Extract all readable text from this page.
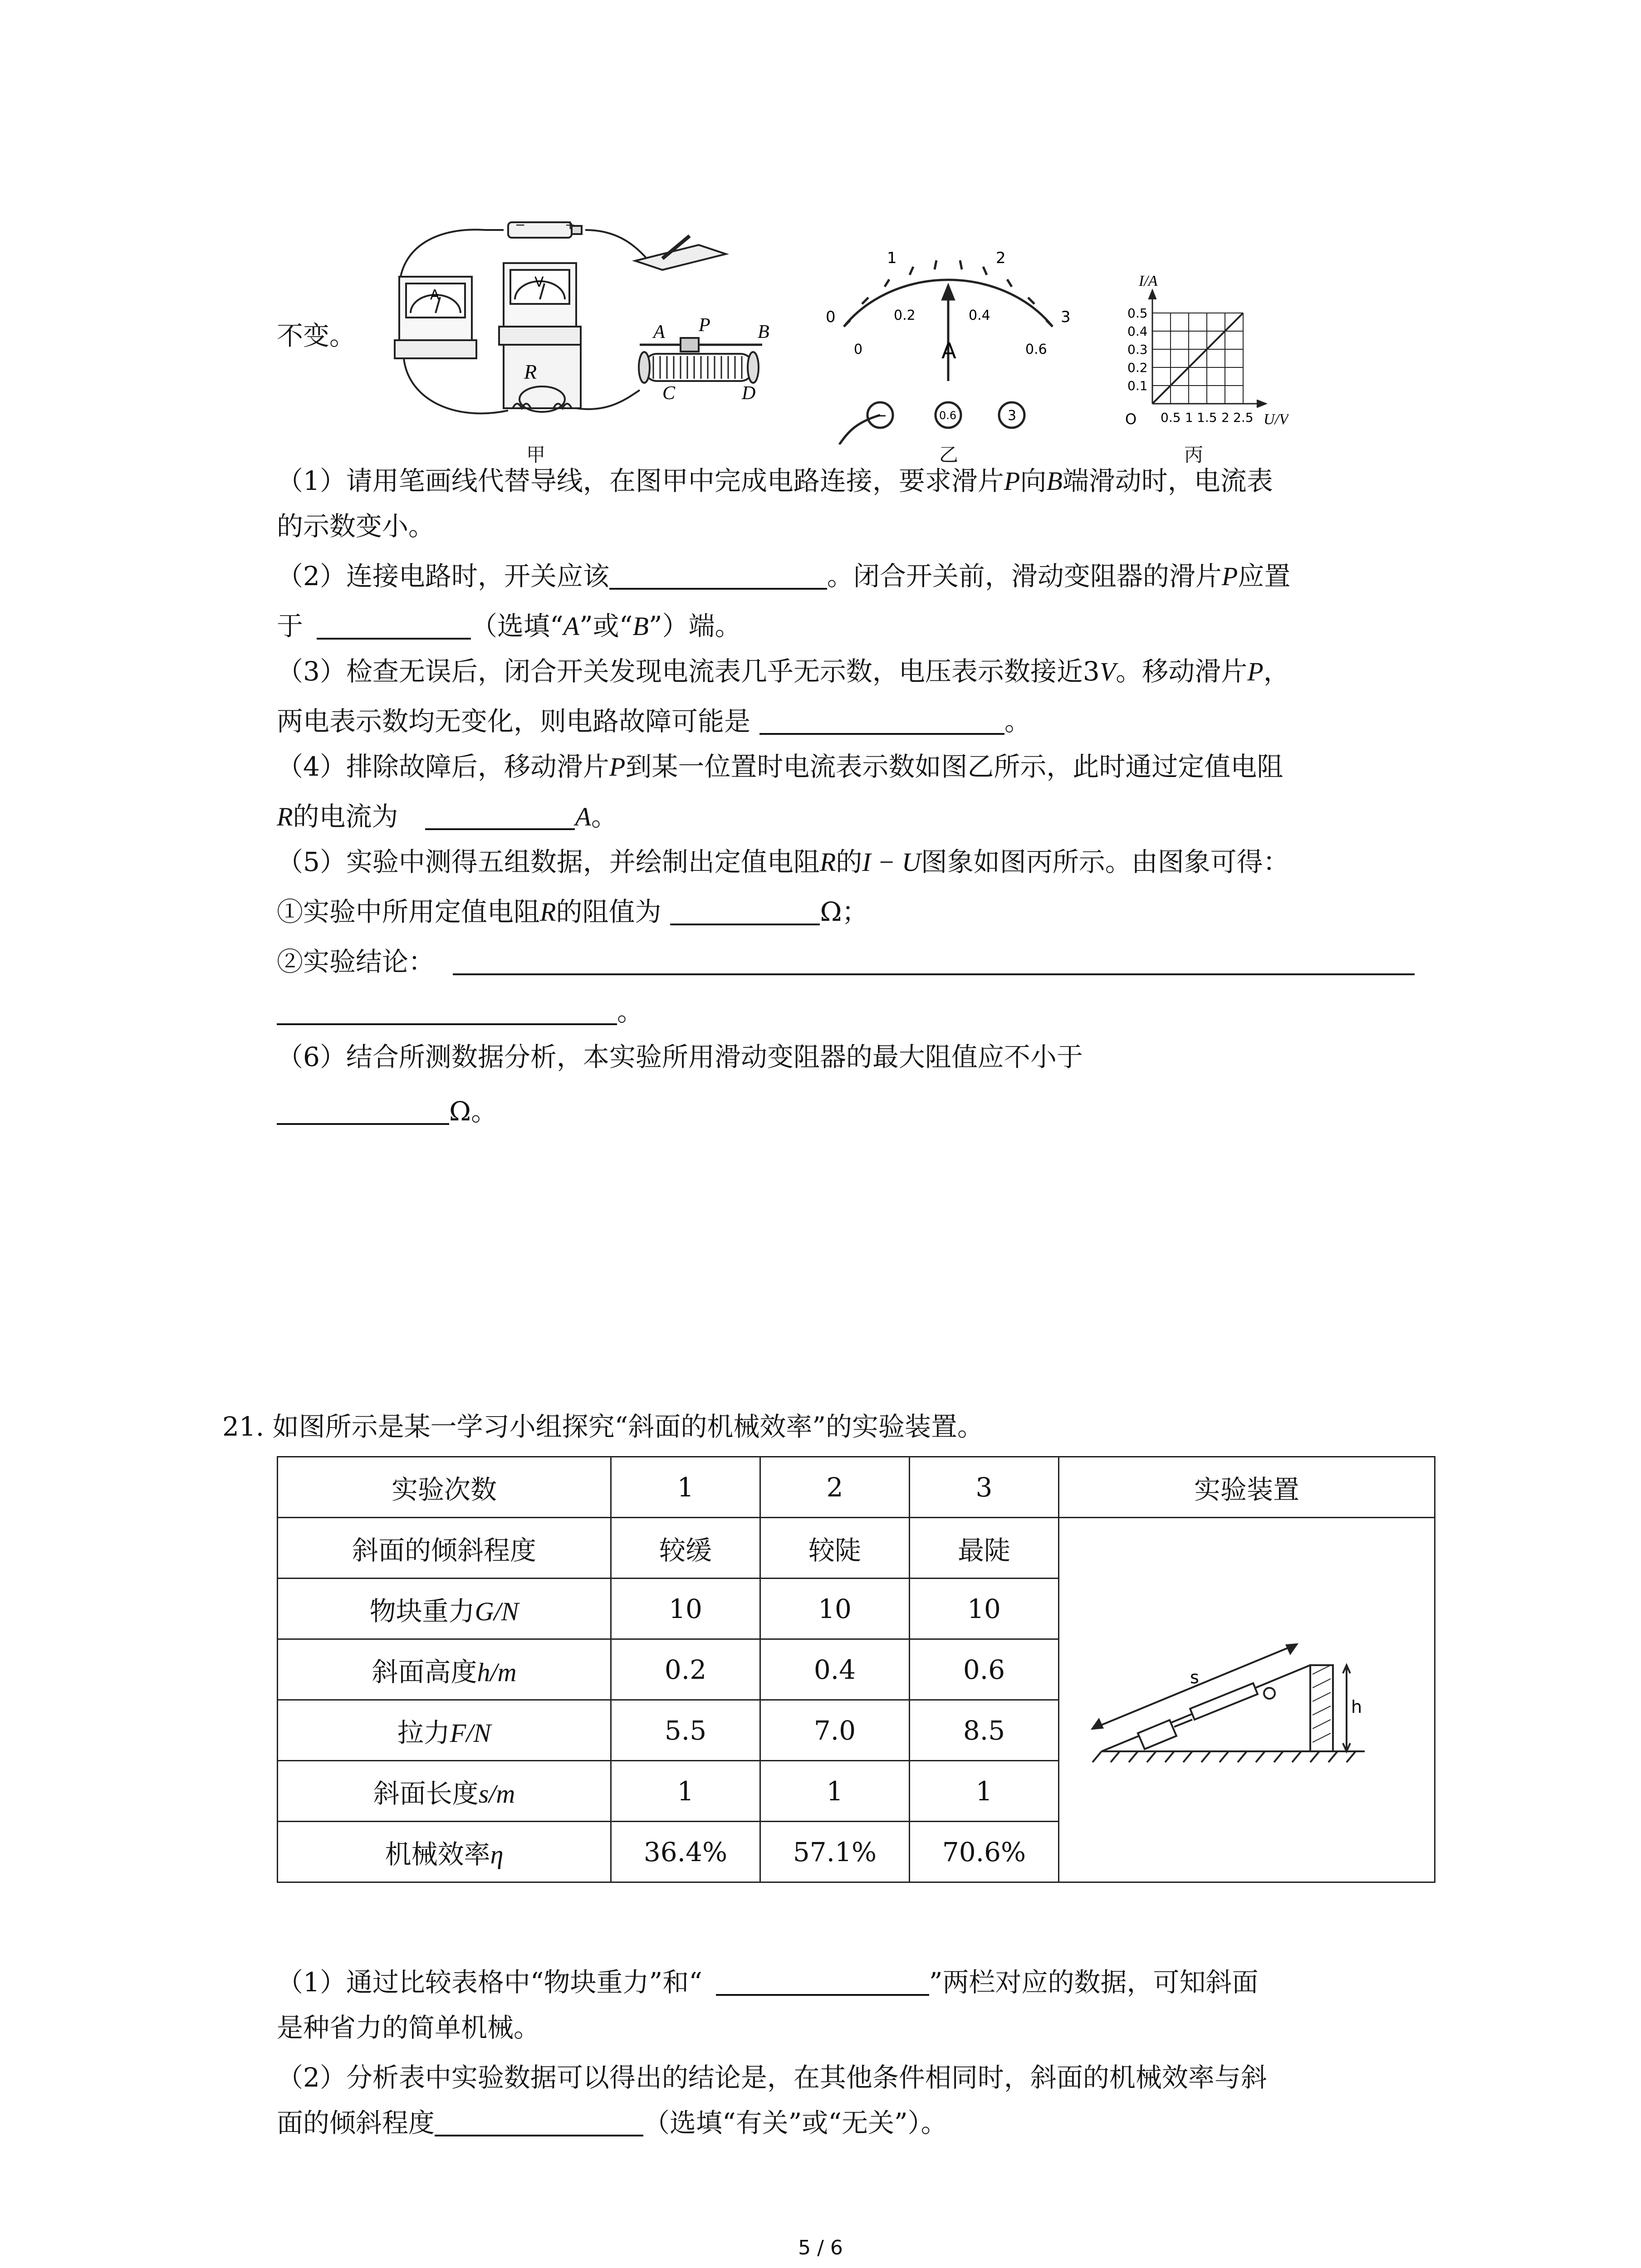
−	+
A
V
R
A P B
C	D
甲
0
1	2
3
0
0.2	0.4
0.6
A
−	0.6	3
乙
I/A
U/V
O
0.5
0.4
0.3
0.2
0.1
0.5 1 1.5 2 2.5
丙
不变。
（1）请用笔画线代替导线，在图甲中完成电路连接，要求滑片P向B端滑动时，电流表
的示数变小。
（2）连接电路时，开关应该	。闭合开关前，滑动变阻器的滑片P应置
于	（选填“A”或“B”）端。
（3）检查无误后，闭合开关发现电流表几乎无示数，电压表示数接近3V。移动滑片P，
两电表示数均无变化，则电路故障可能是	。
（4）排除故障后，移动滑片P到某一位置时电流表示数如图乙所示，此时通过定值电阻
R的电流为	A。
（5）实验中测得五组数据，并绘制出定值电阻R的I − U图象如图丙所示。由图象可得：
①实验中所用定值电阻R的阻值为	Ω；
②实验结论：
。
（6）结合所测数据分析，本实验所用滑动变阻器的最大阻值应不小于
Ω。
21. 如图所示是某一学习小组探究“斜面的机械效率”的实验装置。
实验次数	1	2	3	实验装置
斜面的倾斜程度	较缓	较陡	最陡	s
h

物块重力G/N	10	10	10	
斜面高度h/m	0.2	0.4	0.6	
拉力F/N	5.5	7.0	8.5	
斜面长度s/m	1	1	1	
机械效率η	36.4%	57.1%	70.6%	
（1）通过比较表格中“物块重力”和“	”两栏对应的数据，可知斜面
是种省力的简单机械。
（2）分析表中实验数据可以得出的结论是，在其他条件相同时，斜面的机械效率与斜
面的倾斜程度	（选填“有关”或“无关”）。
5 / 6
